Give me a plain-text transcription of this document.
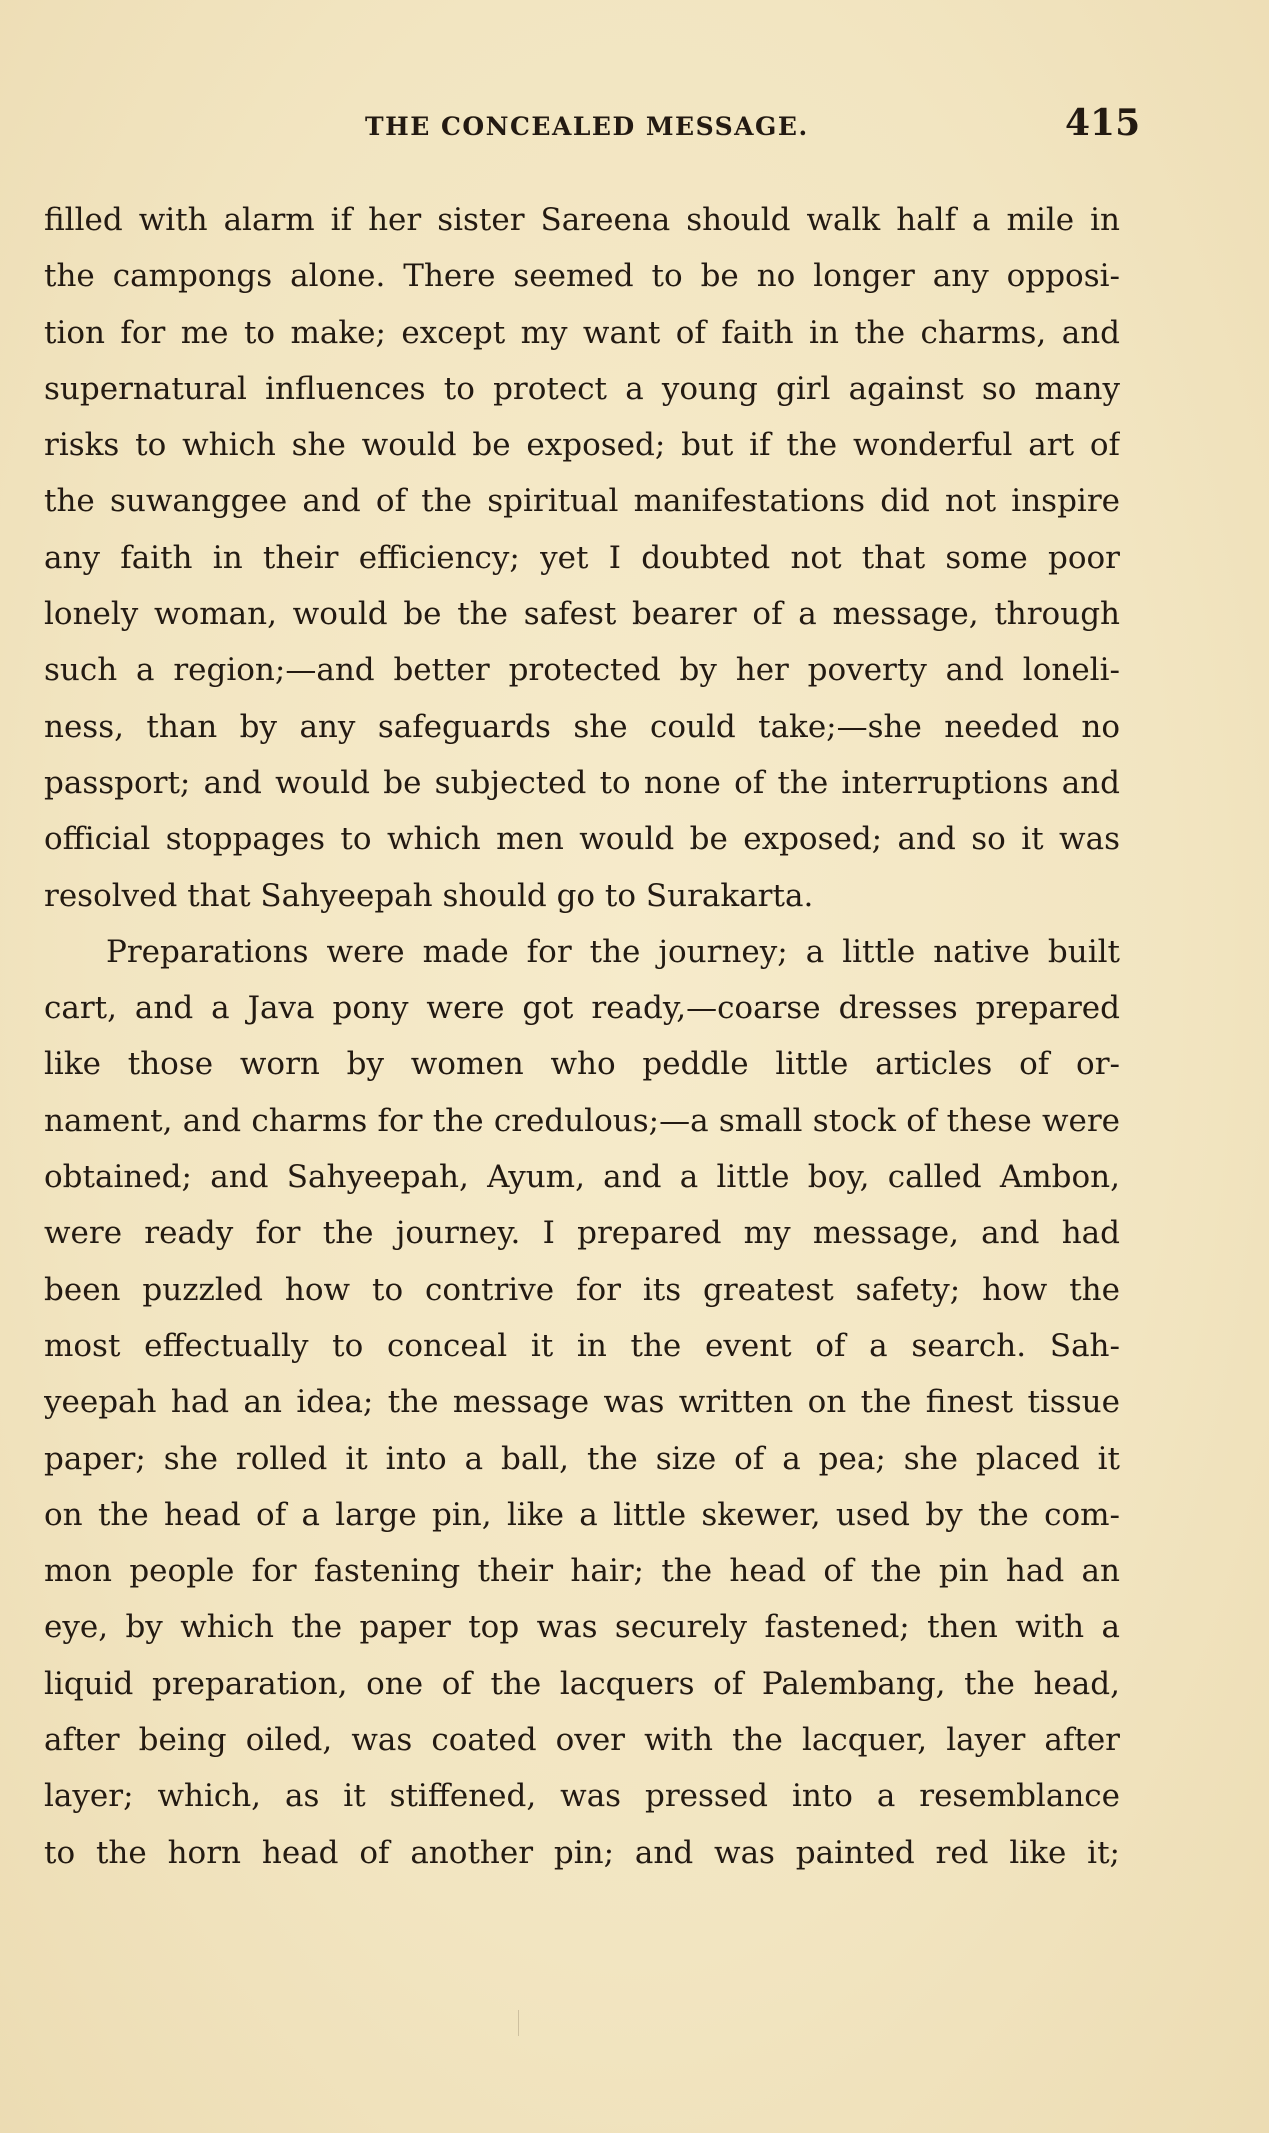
THE CONCEALED MESSAGE.	415
filled with alarm if her sister Sareena should walk half a mile in
the campongs alone. There seemed to be no longer any opposi-
tion for me to make; except my want of faith in the charms, and
supernatural influences to protect a young girl against so many
risks to which she would be exposed; but if the wonderful art of
the suwanggee and of the spiritual manifestations did not inspire
any faith in their efficiency; yet I doubted not that some poor
lonely woman, would be the safest bearer of a message, through
such a region;—and better protected by her poverty and loneli-
ness, than by any safeguards she could take;—she needed no
passport; and would be subjected to none of the interruptions and
official stoppages to which men would be exposed; and so it was
resolved that Sahyeepah should go to Surakarta.
Preparations were made for the journey; a little native built
cart, and a Java pony were got ready,—coarse dresses prepared
like those worn by women who peddle little articles of or-
nament, and charms for the credulous;—a small stock of these were
obtained; and Sahyeepah, Ayum, and a little boy, called Ambon,
were ready for the journey. I prepared my message, and had
been puzzled how to contrive for its greatest safety; how the
most effectually to conceal it in the event of a search. Sah-
yeepah had an idea; the message was written on the finest tissue
paper; she rolled it into a ball, the size of a pea; she placed it
on the head of a large pin, like a little skewer, used by the com-
mon people for fastening their hair; the head of the pin had an
eye, by which the paper top was securely fastened; then with a
liquid preparation, one of the lacquers of Palembang, the head,
after being oiled, was coated over with the lacquer, layer after
layer; which, as it stiffened, was pressed into a resemblance
to the horn head of another pin; and was painted red like it;
